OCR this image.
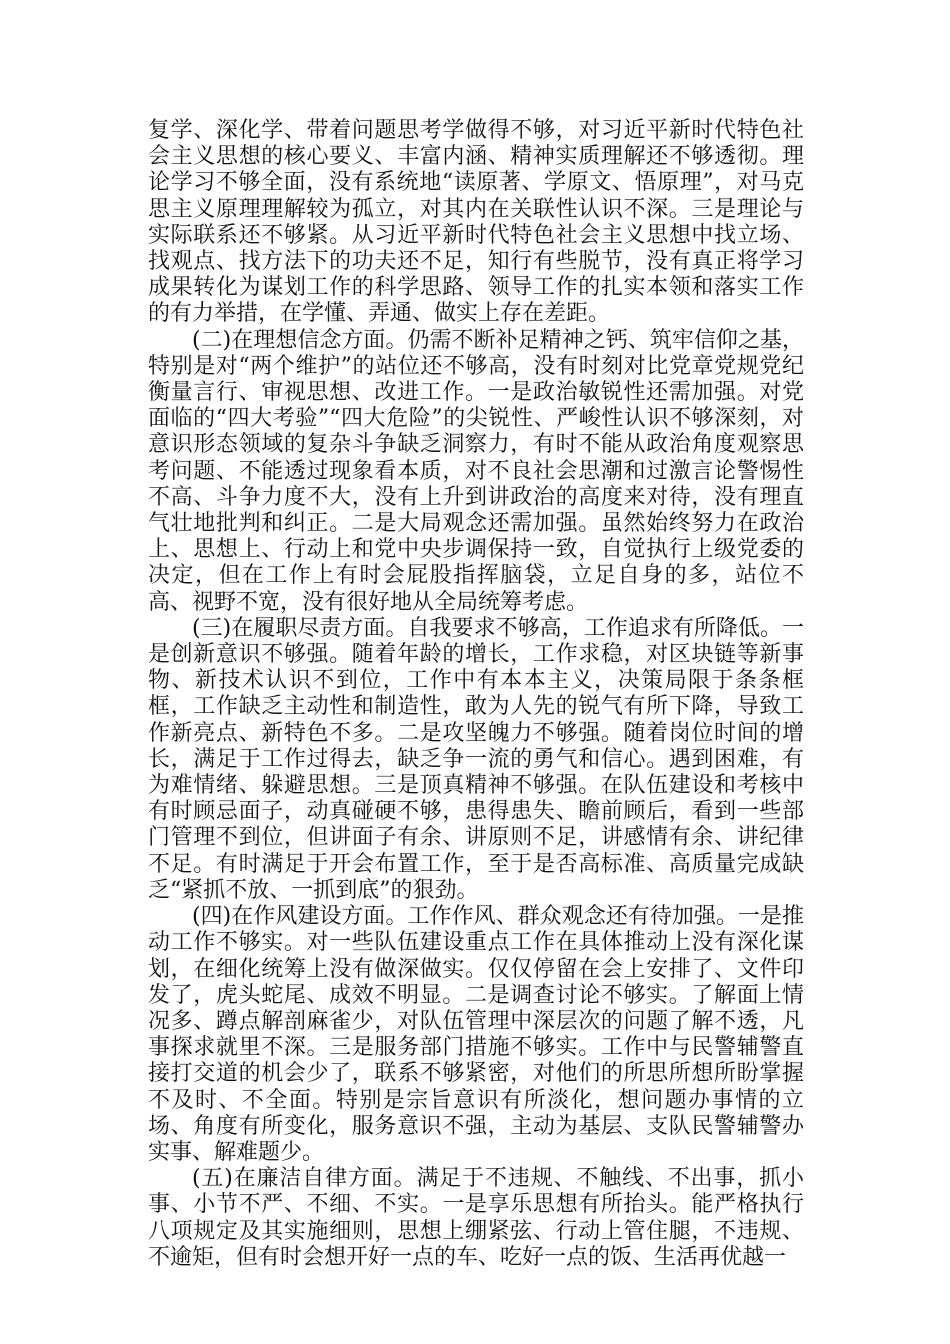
复学、深化学、带着问题思考学做得不够，对习近平新时代特色社会主义思想的核心要义、丰富内涵、精神实质理解还不够透彻。理论学习不够全面，没有系统地“读原著、学原文、悟原理”，对马克思主义原理理解较为孤立，对其内在关联性认识不深。三是理论与实际联系还不够紧。从习近平新时代特色社会主义思想中找立场、找观点、找方法下的功夫还不足，知行有些脱节，没有真正将学习成果转化为谋划工作的科学思路、领导工作的扎实本领和落实工作的有力举措，在学懂、弄通、做实上存在差距。

(二)在理想信念方面。仍需不断补足精神之钙、筑牢信仰之基，特别是对“两个维护”的站位还不够高，没有时刻对比党章党规党纪衡量言行、审视思想、改进工作。一是政治敏锐性还需加强。对党面临的“四大考验”“四大危险”的尖锐性、严峻性认识不够深刻，对意识形态领域的复杂斗争缺乏洞察力，有时不能从政治角度观察思考问题、不能透过现象看本质，对不良社会思潮和过激言论警惕性不高、斗争力度不大，没有上升到讲政治的高度来对待，没有理直气壮地批判和纠正。二是大局观念还需加强。虽然始终努力在政治上、思想上、行动上和党中央步调保持一致，自觉执行上级党委的决定，但在工作上有时会屁股指挥脑袋，立足自身的多，站位不高、视野不宽，没有很好地从全局统筹考虑。

(三)在履职尽责方面。自我要求不够高，工作追求有所降低。一是创新意识不够强。随着年龄的增长，工作求稳，对区块链等新事物、新技术认识不到位，工作中有本本主义，决策局限于条条框框，工作缺乏主动性和制造性，敢为人先的锐气有所下降，导致工作新亮点、新特色不多。二是攻坚魄力不够强。随着岗位时间的增长，满足于工作过得去，缺乏争一流的勇气和信心。遇到困难，有为难情绪、躲避思想。三是顶真精神不够强。在队伍建设和考核中有时顾忌面子，动真碰硬不够，患得患失、瞻前顾后，看到一些部门管理不到位，但讲面子有余、讲原则不足，讲感情有余、讲纪律不足。有时满足于开会布置工作，至于是否高标准、高质量完成缺乏“紧抓不放、一抓到底”的狠劲。

(四)在作风建设方面。工作作风、群众观念还有待加强。一是推动工作不够实。对一些队伍建设重点工作在具体推动上没有深化谋划，在细化统筹上没有做深做实。仅仅停留在会上安排了、文件印发了，虎头蛇尾、成效不明显。二是调查讨论不够实。了解面上情况多、蹲点解剖麻雀少，对队伍管理中深层次的问题了解不透，凡事探求就里不深。三是服务部门措施不够实。工作中与民警辅警直接打交道的机会少了，联系不够紧密，对他们的所思所想所盼掌握不及时、不全面。特别是宗旨意识有所淡化，想问题办事情的立场、角度有所变化，服务意识不强，主动为基层、支队民警辅警办实事、解难题少。

(五)在廉洁自律方面。满足于不违规、不触线、不出事，抓小事、小节不严、不细、不实。一是享乐思想有所抬头。能严格执行八项规定及其实施细则，思想上绷紧弦、行动上管住腿，不违规、不逾矩，但有时会想开好一点的车、吃好一点的饭、生活再优越一
